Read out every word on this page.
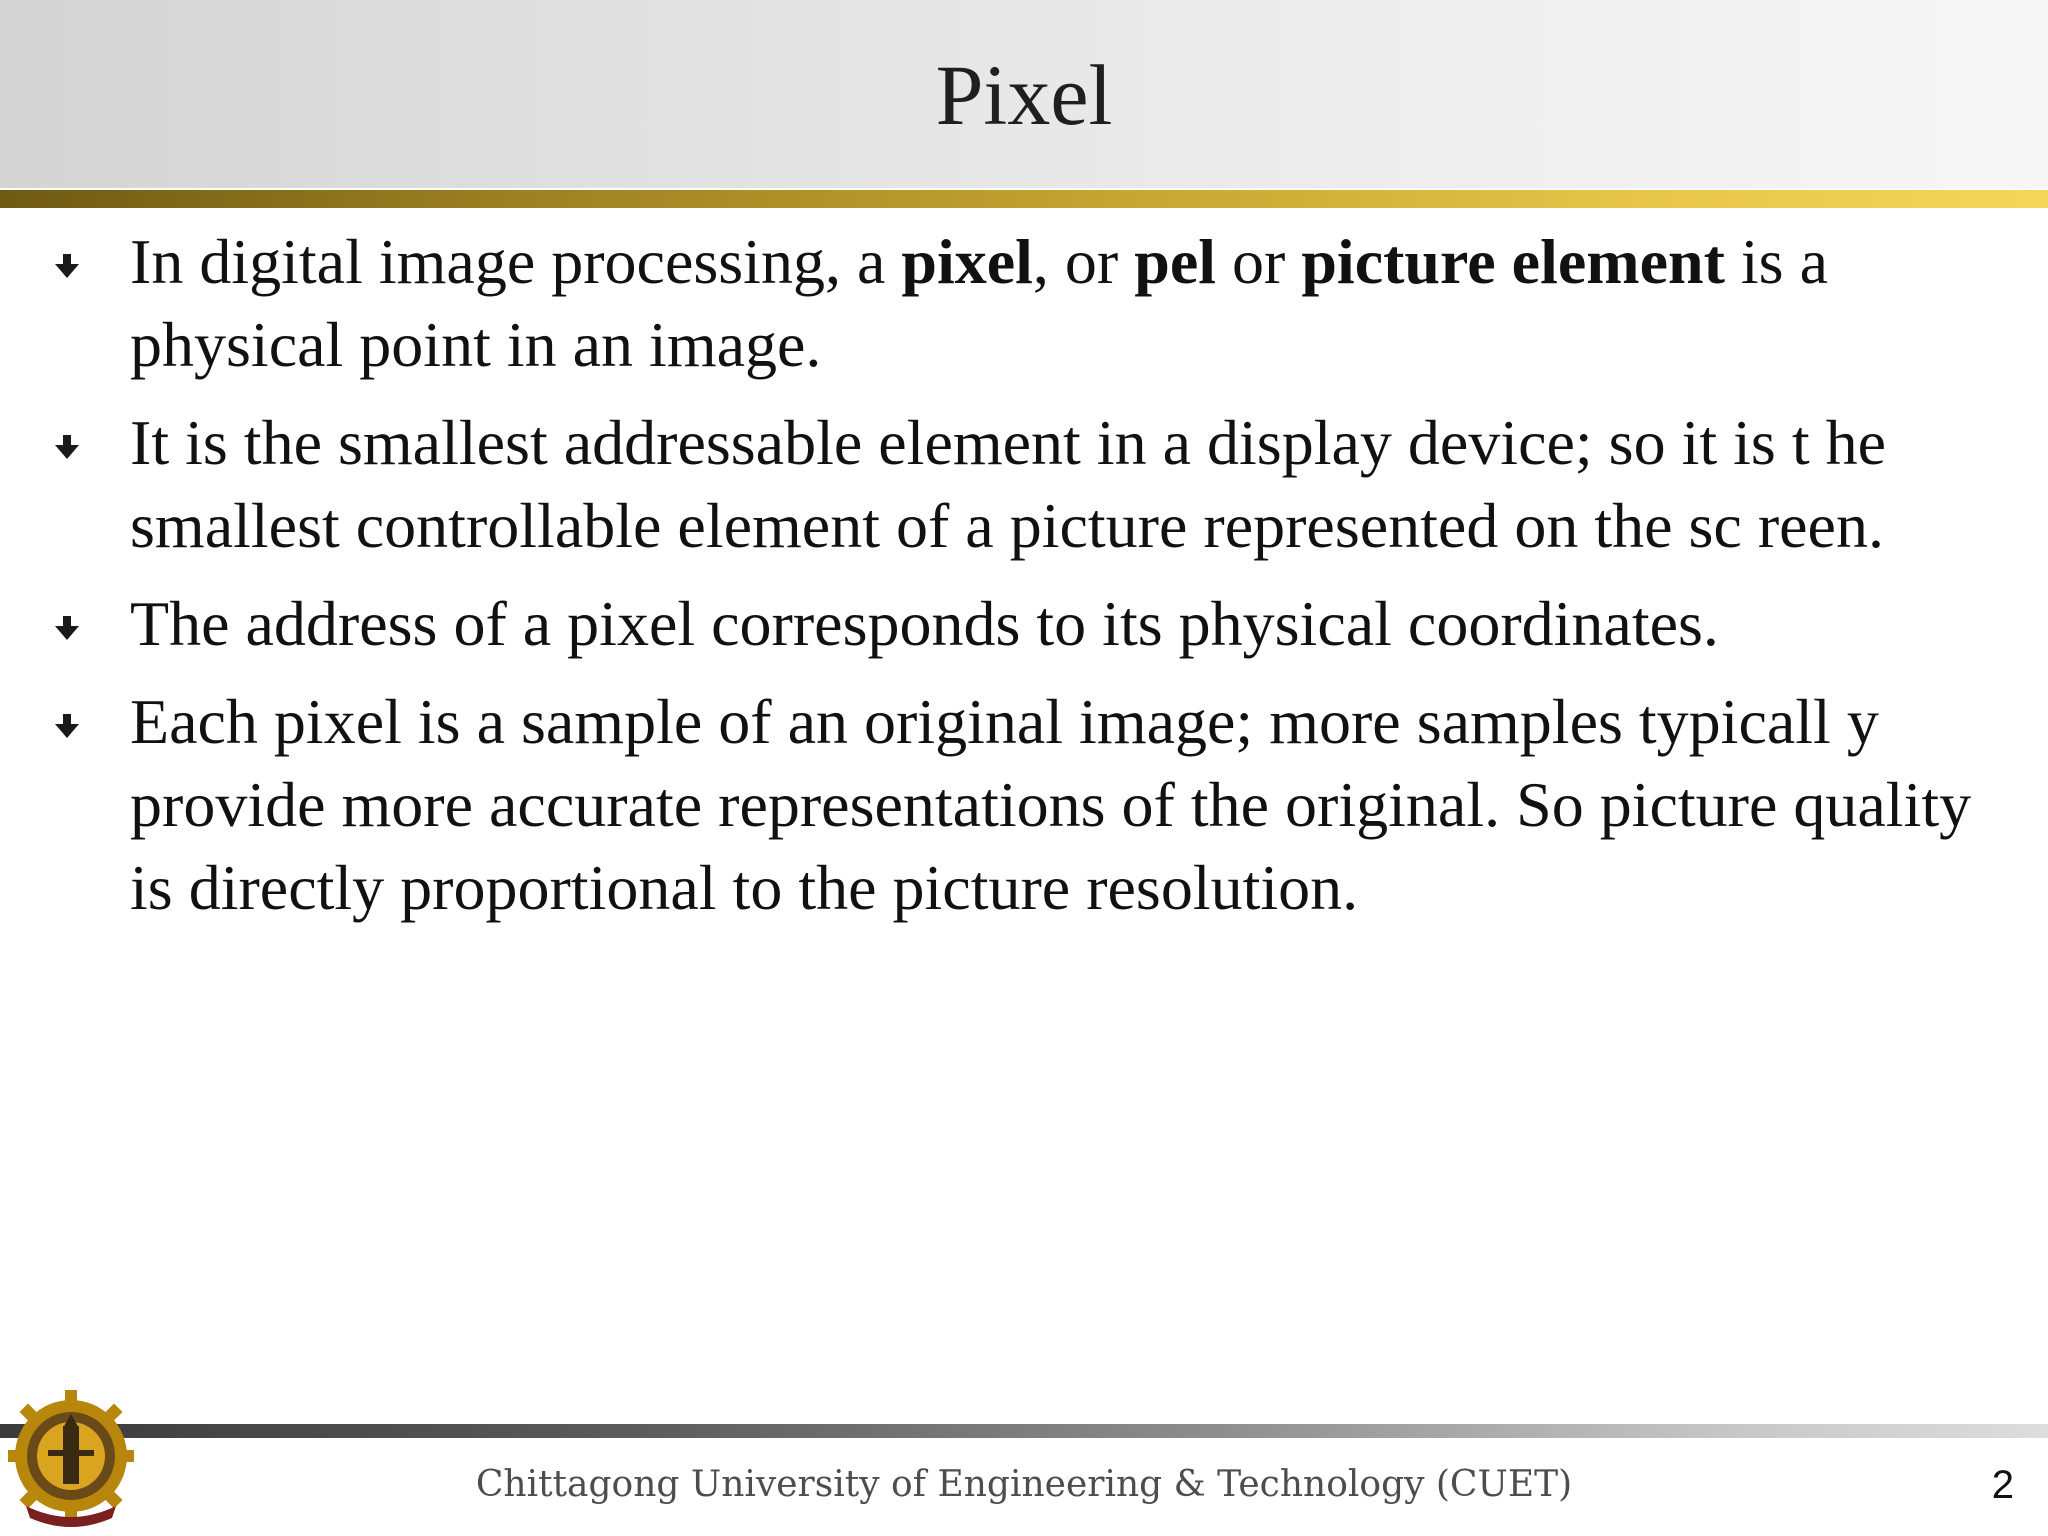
Pixel
In digital image processing, a pixel, or pel or picture element is a physical point in an image.
It is the smallest addressable element in a display device; so it is t he smallest controllable element of a picture represented on the sc reen.
The address of a pixel corresponds to its physical coordinates.
Each pixel is a sample of an original image; more samples typicall y provide more accurate representations of the original. So picture quality is directly proportional to the picture resolution.
Chittagong University of Engineering & Technology (CUET)	2
